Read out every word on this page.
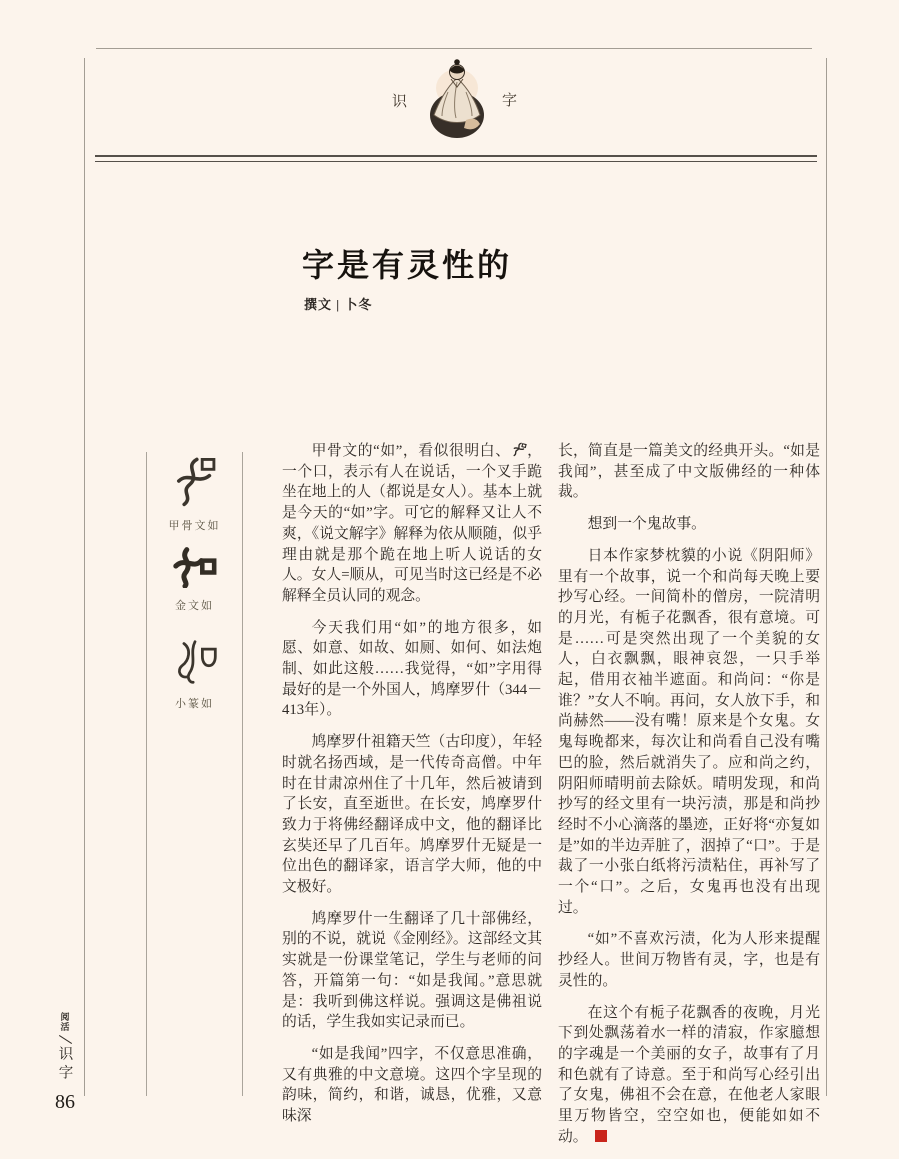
识	字
字是有灵性的
撰文 | 卜冬
甲骨文如
金文如
小篆如

甲骨文的“如”，看似很明白、 ，一个口，表示有人在说话，一个叉手跪坐在地上的人（都说是女人）。基本上就是今天的“如”字。可它的解释又让人不爽，《说文解字》解释为依从顺随，似乎理由就是那个跪在地上听人说话的女人。女人=顺从，可见当时这已经是不必解释全员认同的观念。

今天我们用“如”的地方很多，如愿、如意、如故、如厕、如何、如法炮制、如此这般……我觉得，“如”字用得最好的是一个外国人，鸠摩罗什（344－413年）。

鸠摩罗什祖籍天竺（古印度），年轻时就名扬西域，是一代传奇高僧。中年时在甘肃凉州住了十几年，然后被请到了长安，直至逝世。在长安，鸠摩罗什致力于将佛经翻译成中文，他的翻译比玄奘还早了几百年。鸠摩罗什无疑是一位出色的翻译家，语言学大师，他的中文极好。

鸠摩罗什一生翻译了几十部佛经，别的不说，就说《金刚经》。这部经文其实就是一份课堂笔记，学生与老师的问答，开篇第一句：“如是我闻。”意思就是：我听到佛这样说。强调这是佛祖说的话，学生我如实记录而已。

“如是我闻”四字，不仅意思准确，又有典雅的中文意境。这四个字呈现的韵味，简约，和谐，诚恳，优雅，又意味深

长，简直是一篇美文的经典开头。“如是我闻”，甚至成了中文版佛经的一种体裁。

想到一个鬼故事。

日本作家梦枕貘的小说《阴阳师》里有一个故事，说一个和尚每天晚上要抄写心经。一间简朴的僧房，一院清明的月光，有栀子花飘香，很有意境。可是……可是突然出现了一个美貌的女人，白衣飘飘，眼神哀怨，一只手举起，借用衣袖半遮面。和尚问：“你是谁？”女人不响。再问，女人放下手，和尚赫然——没有嘴！原来是个女鬼。女鬼每晚都来，每次让和尚看自己没有嘴巴的脸，然后就消失了。应和尚之约，阴阳师晴明前去除妖。晴明发现，和尚抄写的经文里有一块污渍，那是和尚抄经时不小心滴落的墨迹，正好将“亦复如是”如的半边弄脏了，洇掉了“口”。于是裁了一小张白纸将污渍粘住，再补写了一个“口”。之后，女鬼再也没有出现过。

“如”不喜欢污渍，化为人形来提醒抄经人。世间万物皆有灵，字，也是有灵性的。

在这个有栀子花飘香的夜晚，月光下到处飘荡着水一样的清寂，作家臆想的字魂是一个美丽的女子，故事有了月和色就有了诗意。至于和尚写心经引出了女鬼，佛祖不会在意，在他老人家眼里万物皆空，空空如也，便能如如不动。

阅活
识字
86
